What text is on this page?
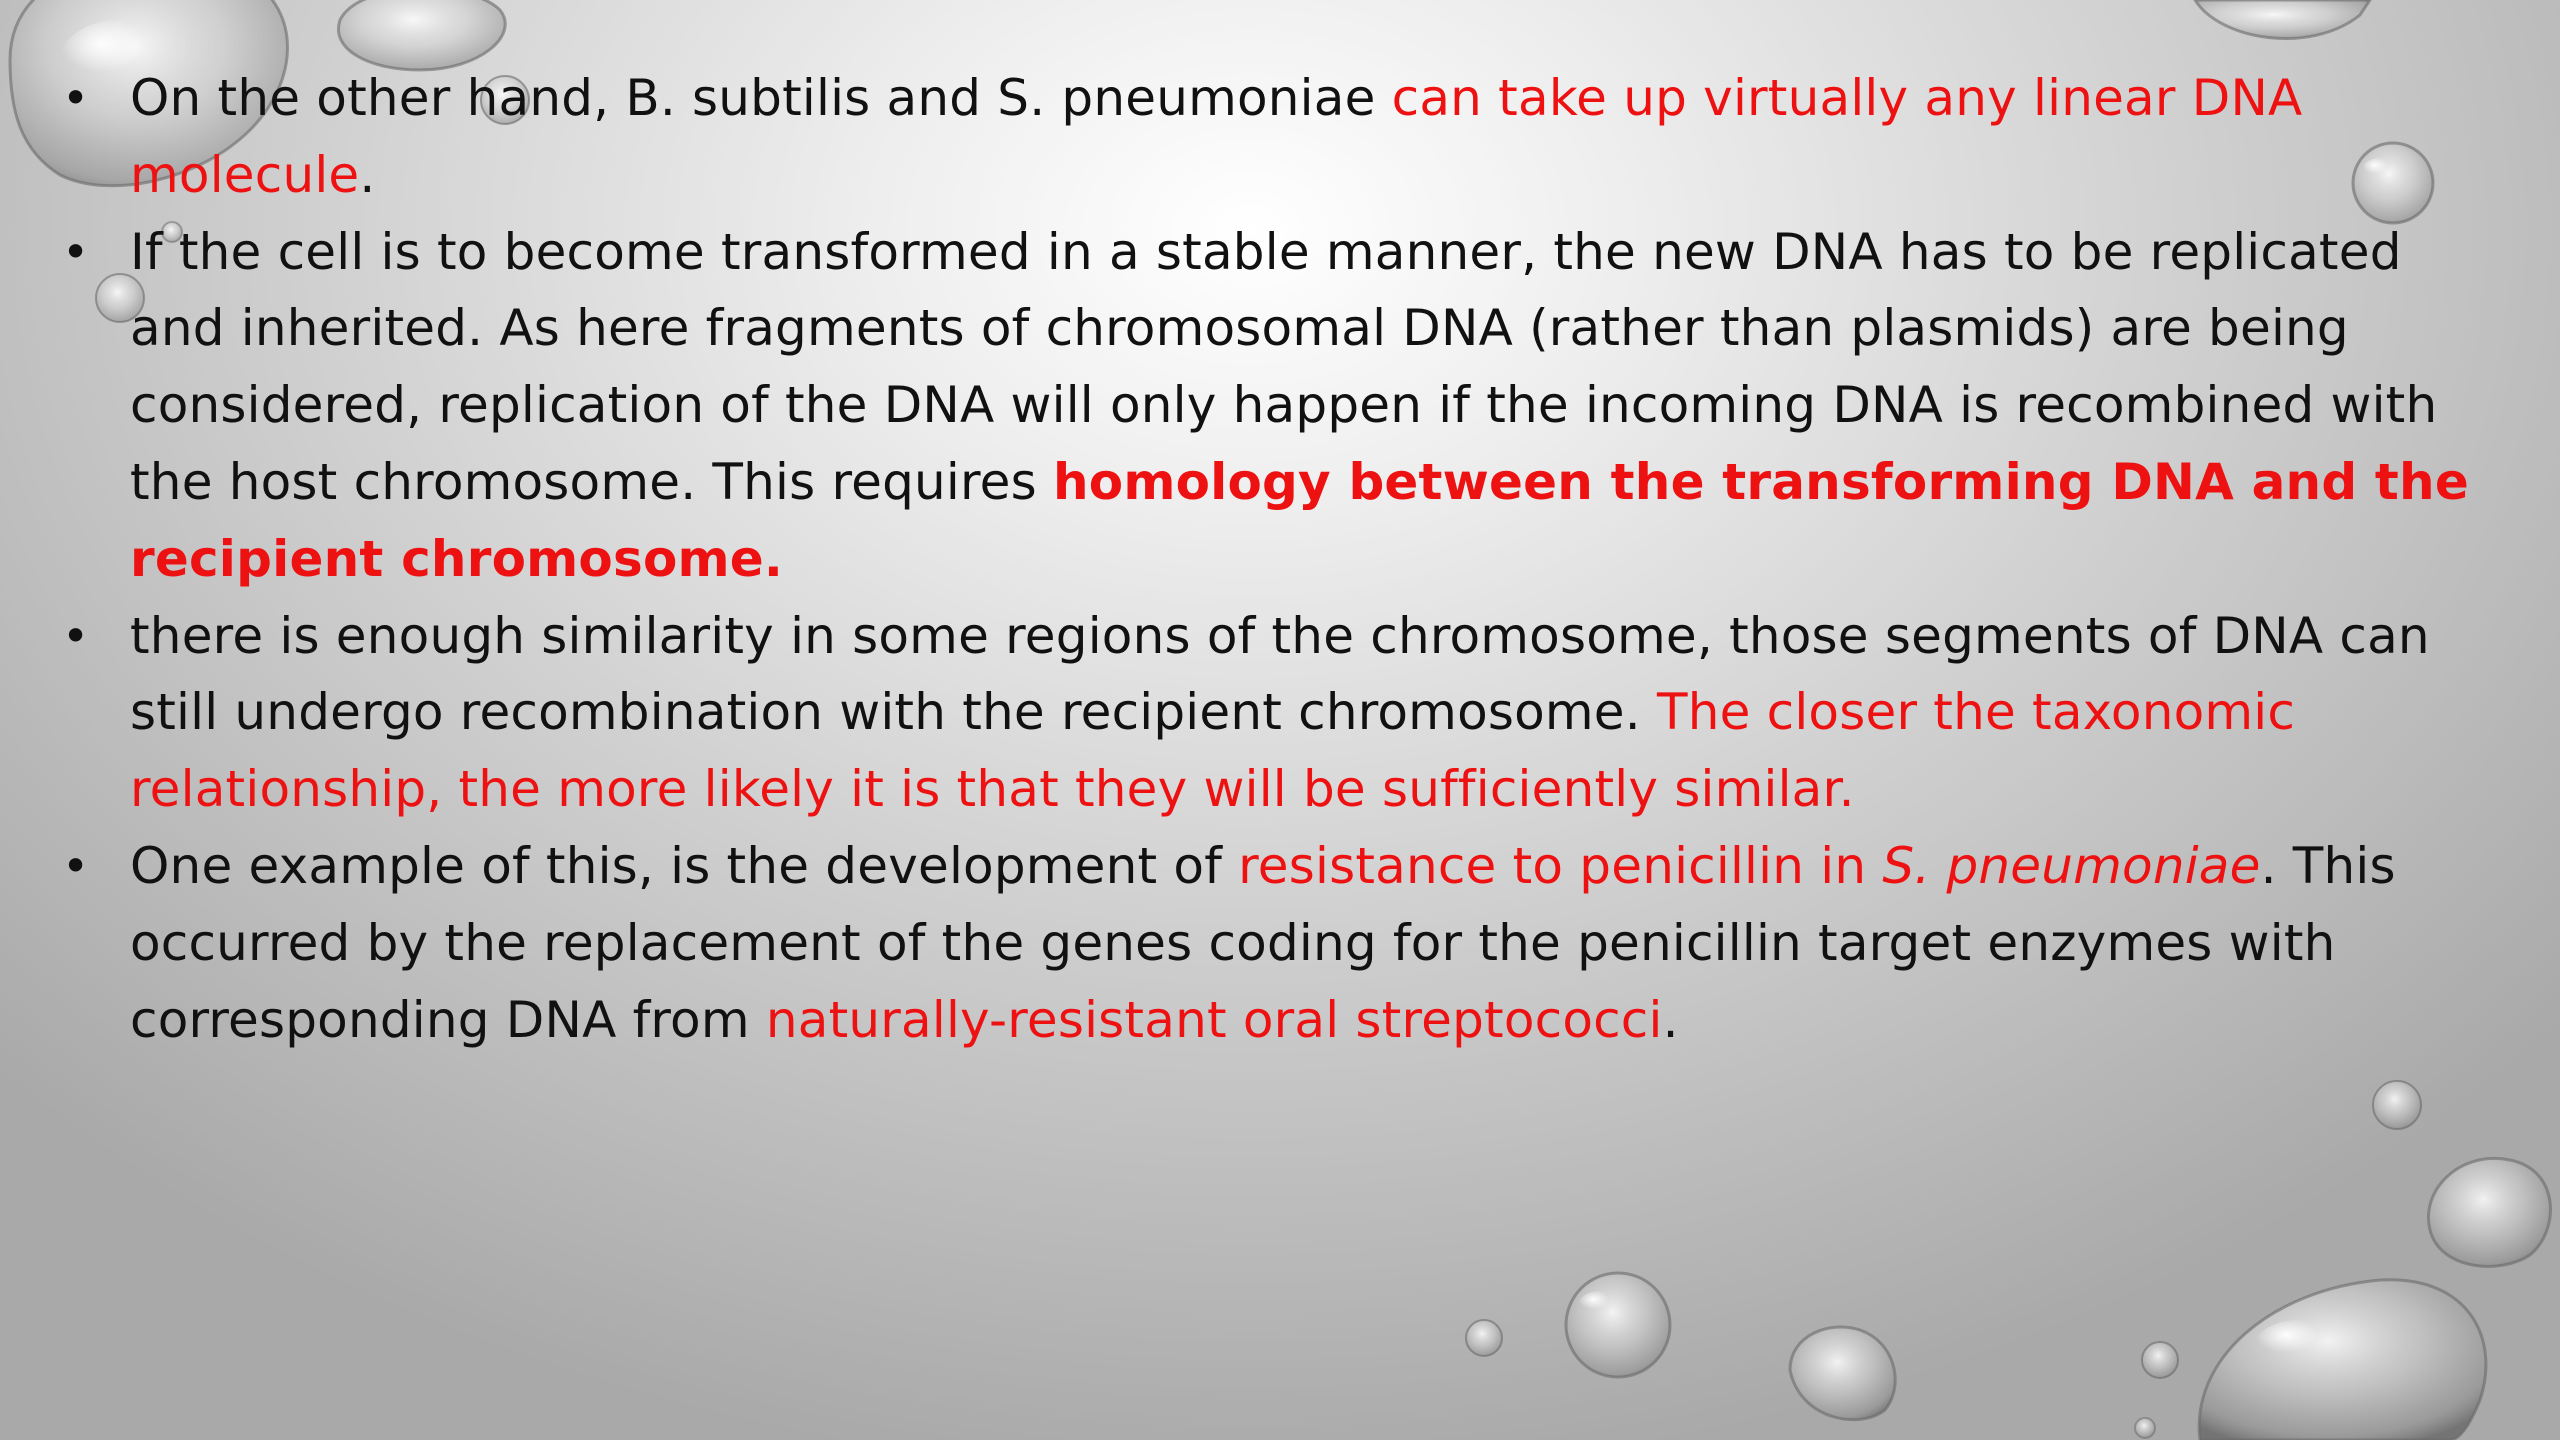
• On the other hand, B. subtilis and S. pneumoniae can take up virtually any linear DNA molecule.
• If the cell is to become transformed in a stable manner, the new DNA has to be replicated and inherited. As here fragments of chromosomal DNA (rather than plasmids) are being considered, replication of the DNA will only happen if the incoming DNA is recombined with the host chromosome. This requires homology between the transforming DNA and the recipient chromosome.
• there is enough similarity in some regions of the chromosome, those segments of DNA can still undergo recombination with the recipient chromosome. The closer the taxonomic relationship, the more likely it is that they will be sufficiently similar.
• One example of this, is the development of resistance to penicillin in S. pneumoniae. This occurred by the replacement of the genes coding for the penicillin target enzymes with corresponding DNA from naturally-resistant oral streptococci.
